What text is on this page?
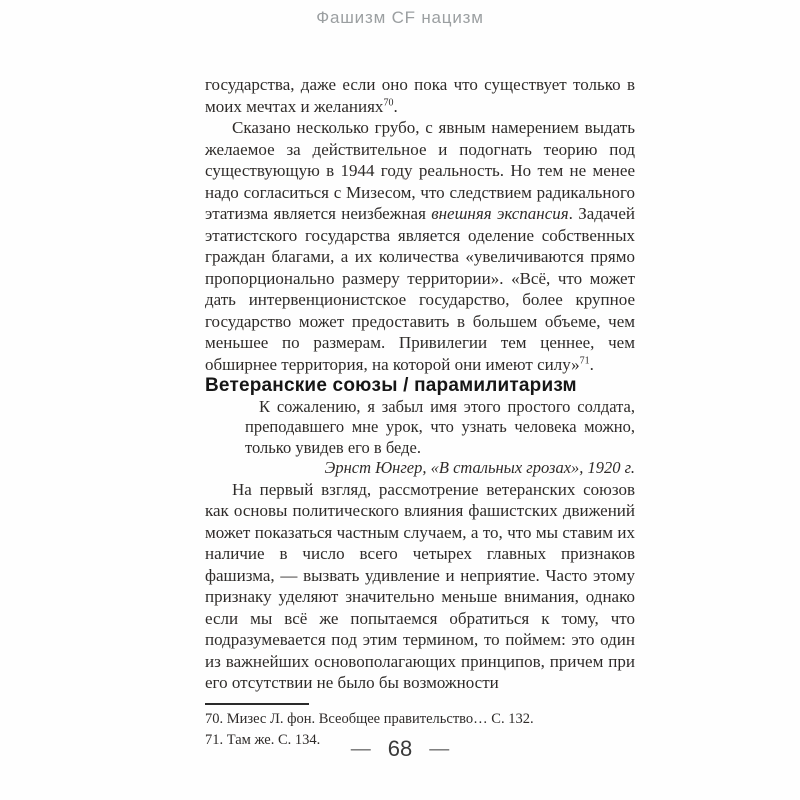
Фашизм CF нацизм

государства, даже если оно пока что существует только в моих мечтах и желаниях$^{70}$.

Сказано несколько грубо, с явным намерением выдать желаемое за действительное и подогнать теорию под существующую в 1944 году реальность. Но тем не менее надо согласиться с Мизесом, что следствием радикального этатизма является неизбежная внешняя экспансия. Задачей этатистского государства является оделение собственных граждан благами, а их количества «увеличиваются прямо пропорционально размеру территории». «Всё, что может дать интервенционистское государство, более крупное государство может предоставить в большем объеме, чем меньшее по размерам. Привилегии тем ценнее, чем обширнее территория, на которой они имеют силу»$^{71}$.

Ветеранские союзы / парамилитаризм

К сожалению, я забыл имя этого простого солдата, преподавшего мне урок, что узнать человека можно, только увидев его в беде.

Эрнст Юнгер, «В стальных грозах», 1920 г.

На первый взгляд, рассмотрение ветеранских союзов как основы политического влияния фашистских движений может показаться частным случаем, а то, что мы ставим их наличие в число всего четырех главных признаков фашизма, — вызвать удивление и неприятие. Часто этому признаку уделяют значительно меньше внимания, однако если мы всё же попытаемся обратиться к тому, что подразумевается под этим термином, то поймем: это один из важнейших основополагающих принципов, причем при его отсутствии не было бы возможности

70. Мизес Л. фон. Всеобщее правительство… С. 132.
71. Там же. С. 134.	— 68 —
